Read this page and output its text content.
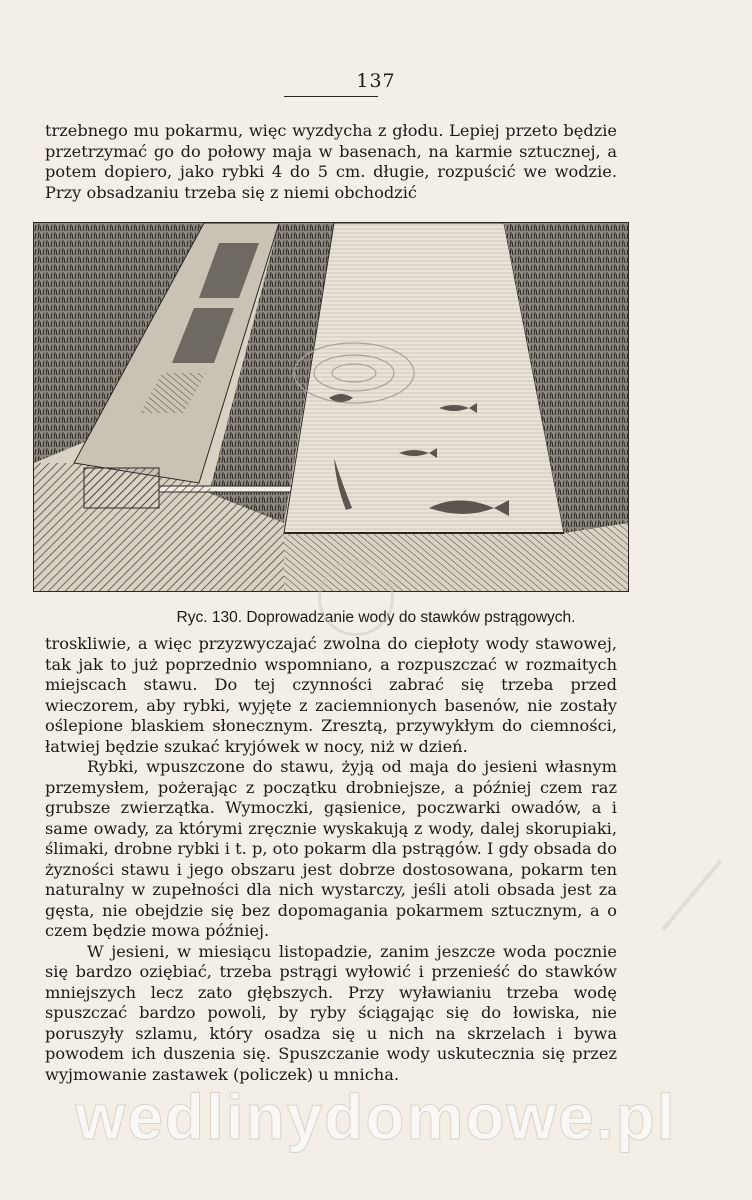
137

trzebnego mu pokarmu, więc wyzdycha z głodu. Lepiej przeto będzie przetrzymać go do połowy maja w basenach, na karmie sztucznej, a potem dopiero, jako rybki 4 do 5 cm. długie, rozpuścić we wodzie. Przy obsadzaniu trzeba się z niemi obchodzić

Ryc. 130. Doprowadzanie wody do stawków pstrągowych.

troskliwie, a więc przyzwyczajać zwolna do ciepłoty wody stawowej, tak jak to już poprzednio wspomniano, a rozpuszczać w rozmaitych miejscach stawu. Do tej czynności zabrać się trzeba przed wieczorem, aby rybki, wyjęte z zaciemnionych basenów, nie zostały oślepione blaskiem słonecznym. Zresztą, przywykłym do ciemności, łatwiej będzie szukać kryjówek w nocy, niż w dzień.

Rybki, wpuszczone do stawu, żyją od maja do jesieni własnym przemysłem, pożerając z początku drobniejsze, a później czem raz grubsze zwierzątka. Wymoczki, gąsienice, poczwarki owadów, a i same owady, za którymi zręcznie wyskakują z wody, dalej skorupiaki, ślimaki, drobne rybki i t. p, oto pokarm dla pstrągów. I gdy obsada do żyzności stawu i jego obszaru jest dobrze dostosowana, pokarm ten naturalny w zupełności dla nich wystarczy, jeśli atoli obsada jest za gęsta, nie obejdzie się bez dopomagania pokarmem sztucznym, a o czem będzie mowa później.

W jesieni, w miesiącu listopadzie, zanim jeszcze woda pocznie się bardzo oziębiać, trzeba pstrągi wyłowić i przenieść do stawków mniejszych lecz zato głębszych. Przy wyławianiu trzeba wodę spuszczać bardzo powoli, by ryby ściągając się do łowiska, nie poruszyły szlamu, który osadza się u nich na skrzelach i bywa powodem ich duszenia się. Spuszczanie wody uskutecznia się przez wyjmowanie zastawek (policzek) u mnicha.

wedlinydomowe.pl
